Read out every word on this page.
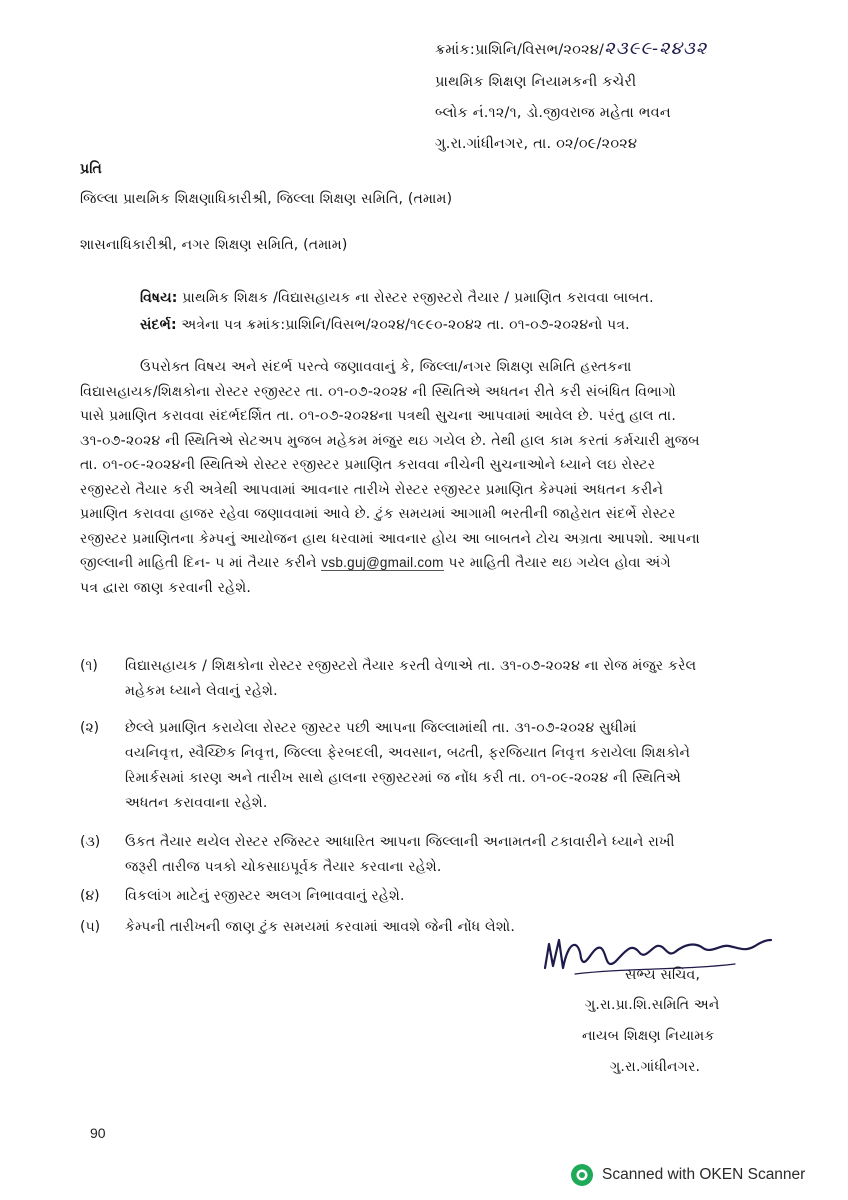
ક્રમાંક:પ્રાશિનિ/વિસભ/૨૦૨૪/૨૩૯૯-૨૪૩૨
પ્રાથમિક શિક્ષણ નિયામકની કચેરી
બ્લોક નં.૧૨/૧, ડો.જીવરાજ મહેતા ભવન
ગુ.રા.ગાંધીનગર, તા. ૦૨/૦૯/૨૦૨૪
પ્રતિ
જિલ્લા પ્રાથમિક શિક્ષણાધિકારીશ્રી, જિલ્લા શિક્ષણ સમિતિ, (તમામ)
શાસનાધિકારીશ્રી, નગર શિક્ષણ સમિતિ, (તમામ)
વિષય: પ્રાથમિક શિક્ષક /વિદ્યાસહાયક ના રોસ્ટર રજીસ્ટરો તૈયાર / પ્રમાણિત કરાવવા બાબત.
સંદર્ભ: અત્રેના પત્ર ક્રમાંક:પ્રાશિનિ/વિસભ/૨૦૨૪/૧૯૯૦-૨૦૪૨ તા. ૦૧-૦૭-૨૦૨૪નો પત્ર.
ઉપરોક્ત વિષય અને સંદર્ભ પરત્વે જણાવવાનું કે, જિલ્લા/નગર શિક્ષણ સમિતિ હસ્તકના
વિદ્યાસહાયક/શિક્ષકોના રોસ્ટર રજીસ્ટર તા. ૦૧-૦૭-૨૦૨૪ ની સ્થિતિએ અધતન રીતે કરી સંબંધિત વિભાગો
પાસે પ્રમાણિત કરાવવા સંદર્ભદર્શિત તા. ૦૧-૦૭-૨૦૨૪ના પત્રથી સુચના આપવામાં આવેલ છે. પરંતુ હાલ તા.
૩૧-૦૭-૨૦૨૪ ની સ્થિતિએ સેટઅપ મુજબ મહેકમ મંજુર થઇ ગયેલ છે. તેથી હાલ કામ કરતાં કર્મચારી મુજબ
તા. ૦૧-૦૯-૨૦૨૪ની સ્થિતિએ રોસ્ટર રજીસ્ટર પ્રમાણિત કરાવવા નીચેની સુચનાઓને ધ્યાને લઇ રોસ્ટર
રજીસ્ટરો તૈયાર કરી અત્રેથી આપવામાં આવનાર તારીખે રોસ્ટર રજીસ્ટર પ્રમાણિત કેમ્પમાં અધતન કરીને
પ્રમાણિત કરાવવા હાજર રહેવા જણાવવામાં આવે છે. ટુંક સમયમાં આગામી ભરતીની જાહેરાત સંદર્ભે રોસ્ટર
રજીસ્ટર પ્રમાણિતના કેમ્પનું આયોજન હાથ ધરવામાં આવનાર હોય આ બાબતને ટોચ અગ્રતા આપશો. આપના
જીલ્લાની માહિતી દિન- ૫ માં તૈયાર કરીને vsb.guj@gmail.com પર માહિતી તૈયાર થઇ ગયેલ હોવા અંગે
પત્ર દ્વારા જાણ કરવાની રહેશે.
(૧) વિદ્યાસહાયક / શિક્ષકોના રોસ્ટર રજીસ્ટરો તૈયાર કરતી વેળાએ તા. ૩૧-૦૭-૨૦૨૪ ના રોજ મંજુર કરેલ
મહેકમ ધ્યાને લેવાનું રહેશે.
(૨) છેલ્લે પ્રમાણિત કરાયેલા રોસ્ટર જીસ્ટર પછી આપના જિલ્લામાંથી તા. ૩૧-૦૭-૨૦૨૪ સુધીમાં
વયનિવૃત્ત, સ્વૈચ્છિક નિવૃત્ત, જિલ્લા ફેરબદલી, અવસાન, બઢતી, ફરજિયાત નિવૃત્ત કરાયેલા શિક્ષકોને
રિમાર્કસમાં કારણ અને તારીખ સાથે હાલના રજીસ્ટરમાં જ નોંધ કરી તા. ૦૧-૦૯-૨૦૨૪ ની સ્થિતિએ
અધતન કરાવવાના રહેશે.
(૩) ઉકત તૈયાર થયેલ રોસ્ટર રજિસ્ટર આધારિત આપના જિલ્લાની અનામતની ટકાવારીને ધ્યાને રાખી
જરૂરી તારીજ પત્રકો ચોકસાઇપૂર્વક તૈયાર કરવાના રહેશે.
(૪) વિકલાંગ માટેનું રજીસ્ટર અલગ નિભાવવાનું રહેશે.
(૫) કેમ્પની તારીખની જાણ ટુંક સમયમાં કરવામાં આવશે જેની નોંધ લેશો.
સભ્ય સચિવ,
ગુ.રા.પ્રા.શિ.સમિતિ અને
નાયબ શિક્ષણ નિયામક
ગુ.રા.ગાંધીનગર.
90
Scanned with OKEN Scanner
